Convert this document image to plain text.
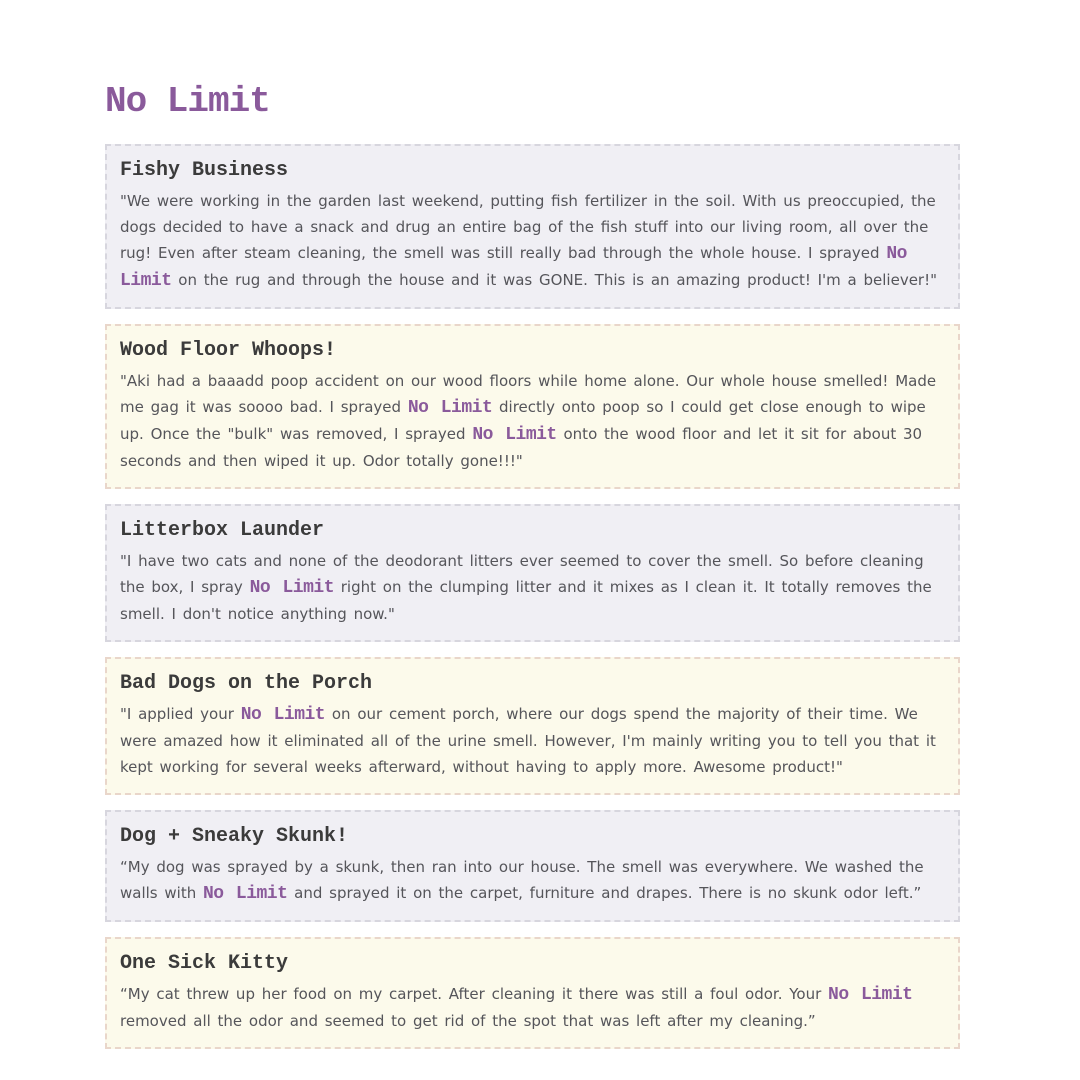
No Limit
Fishy Business

"We were working in the garden last weekend, putting fish fertilizer in the soil. With us preoccupied, the dogs decided to have a snack and drug an entire bag of the fish stuff into our living room, all over the rug! Even after steam cleaning, the smell was still really bad through the whole house. I sprayed No Limit on the rug and through the house and it was GONE. This is an amazing product! I'm a believer!"

Wood Floor Whoops!

"Aki had a baaadd poop accident on our wood floors while home alone. Our whole house smelled! Made me gag it was soooo bad. I sprayed No Limit directly onto poop so I could get close enough to wipe up. Once the "bulk" was removed, I sprayed No Limit onto the wood floor and let it sit for about 30 seconds and then wiped it up. Odor totally gone!!!"

Litterbox Launder

"I have two cats and none of the deodorant litters ever seemed to cover the smell. So before cleaning the box, I spray No Limit right on the clumping litter and it mixes as I clean it. It totally removes the smell. I don't notice anything now."

Bad Dogs on the Porch

"I applied your No Limit on our cement porch, where our dogs spend the majority of their time. We were amazed how it eliminated all of the urine smell. However, I'm mainly writing you to tell you that it kept working for several weeks afterward, without having to apply more. Awesome product!"

Dog + Sneaky Skunk!

“My dog was sprayed by a skunk, then ran into our house. The smell was everywhere. We washed the walls with No Limit and sprayed it on the carpet, furniture and drapes. There is no skunk odor left.”

One Sick Kitty

“My cat threw up her food on my carpet. After cleaning it there was still a foul odor. Your No Limit removed all the odor and seemed to get rid of the spot that was left after my cleaning.”
